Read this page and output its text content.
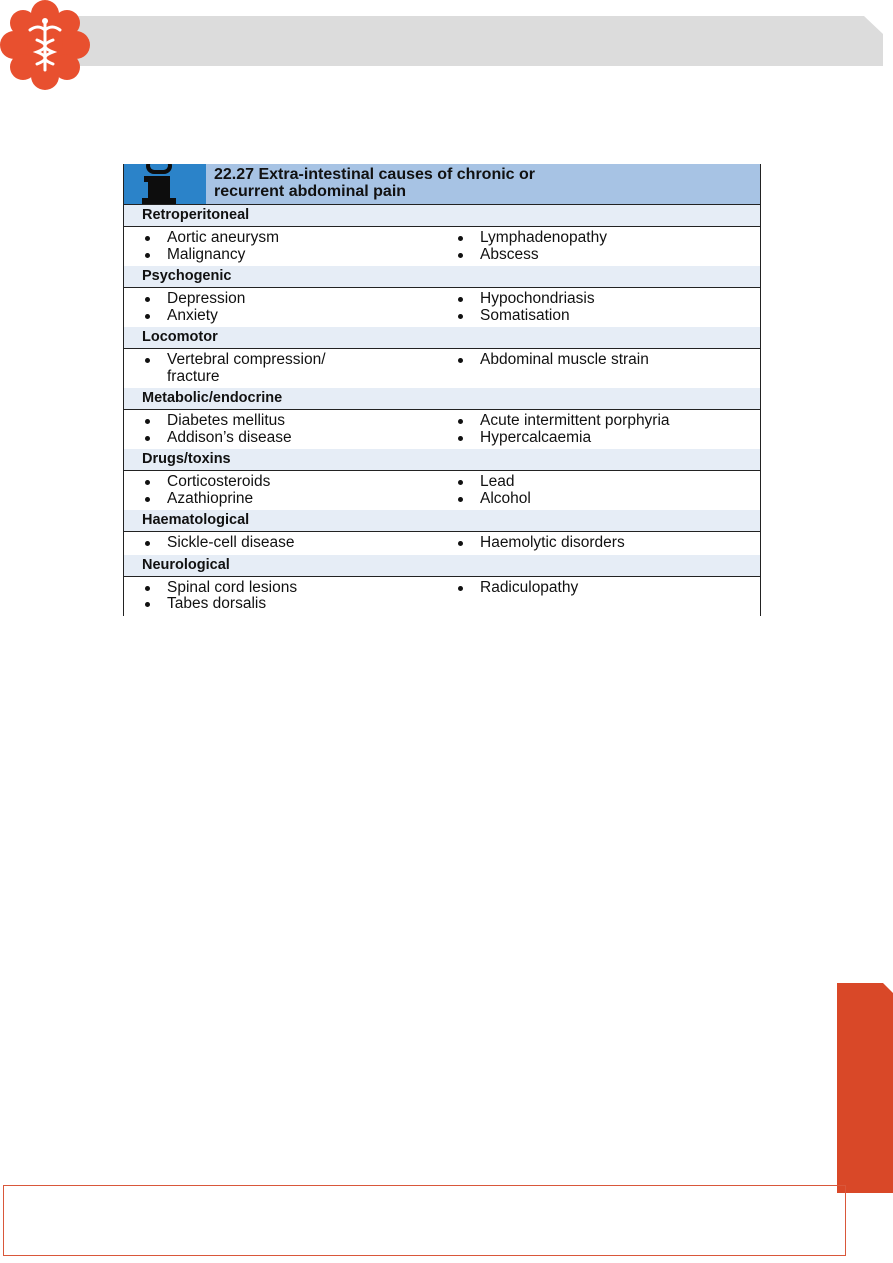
22.27 Extra-intestinal causes of chronic or
recurrent abdominal pain
Retroperitoneal
Aortic aneurysm
Malignancy
Lymphadenopathy
Abscess
Psychogenic
Depression
Anxiety
Hypochondriasis
Somatisation
Locomotor
Vertebral compression/ fracture
Abdominal muscle strain
Metabolic/endocrine
Diabetes mellitus
Addison’s disease
Acute intermittent porphyria
Hypercalcaemia
Drugs/toxins
Corticosteroids
Azathioprine
Lead
Alcohol
Haematological
Sickle-cell disease	Haemolytic disorders
Neurological
Spinal cord lesions
Tabes dorsalis
Radiculopathy
